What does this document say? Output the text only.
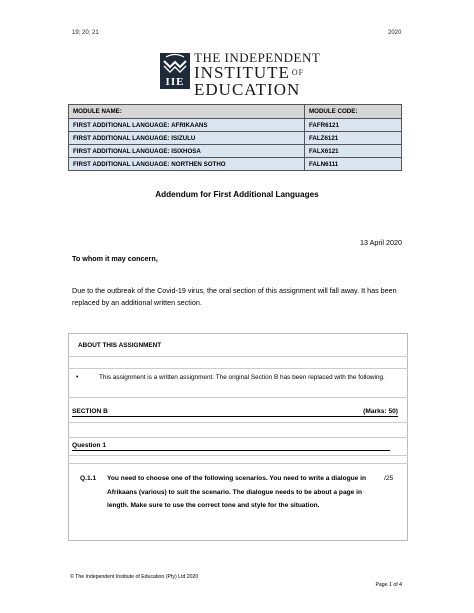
19; 20; 21	2020
IIE
THE INDEPENDENT
INSTITUTE $^{OF}$
EDUCATION
MODULE NAME:	MODULE CODE:
FIRST ADDITIONAL LANGUAGE: AFRIKAANS	FAFR6121
FIRST ADDITIONAL LANGUAGE: ISIZULU	FALZ6121
FIRST ADDITIONAL LANGUAGE: ISIXHOSA	FALX6121
FIRST ADDITIONAL LANGUAGE: NORTHEN SOTHO	FALN6111
Addendum for First Additional Languages
13 April 2020
To whom it may concern,
Due to the outbreak of the Covid-19 virus, the oral section of this assignment will fall away. It has been replaced by an additional written section.
ABOUT THIS ASSIGNMENT
•	This assignment is a written assignment. The original Section B has been replaced with the following.
SECTION B	(Marks: 50)
Question 1
Q.1.1 You need to choose one of the following scenarios. You need to write a dialogue in Afrikaans (various) to suit the scenario. The dialogue needs to be about a page in length. Make sure to use the correct tone and style for the situation.
/25
© The Independent Institute of Education (Pty) Ltd 2020
Page 1 of 4
